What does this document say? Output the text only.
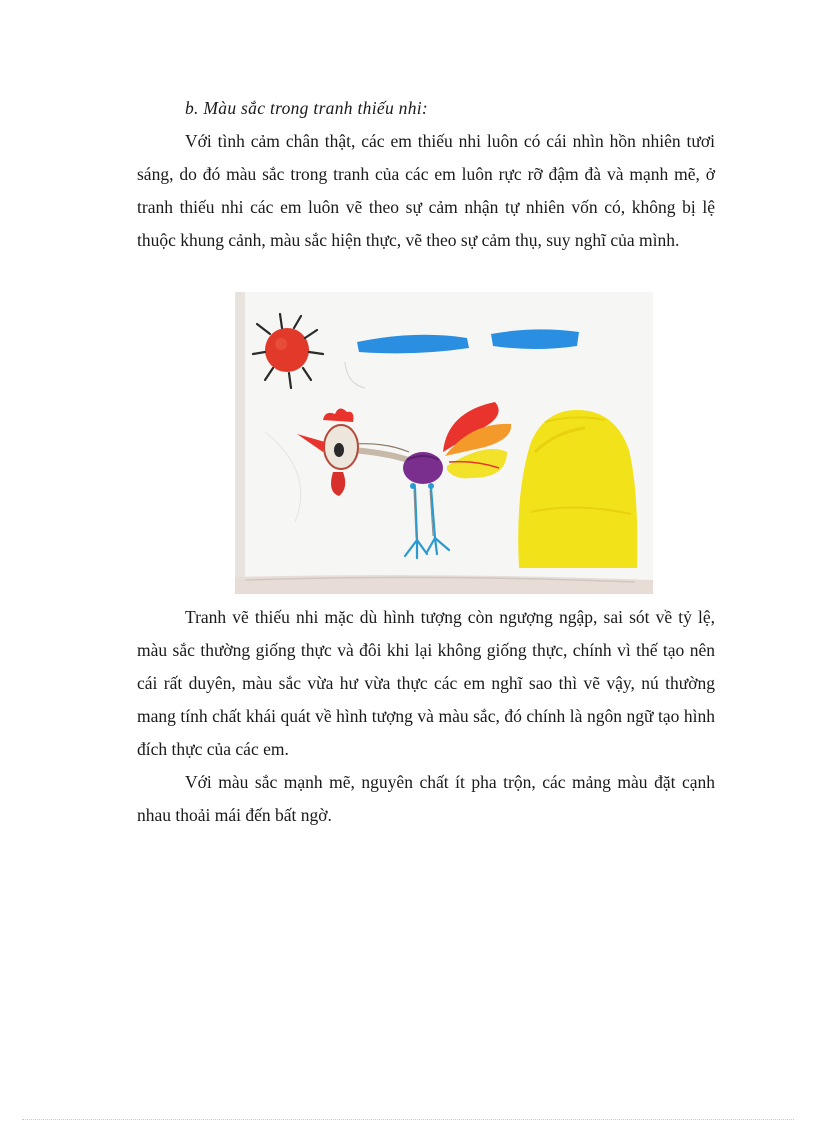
b. Màu sắc trong tranh thiếu nhi:

Với tình cảm chân thật, các em thiếu nhi luôn có cái nhìn hồn nhiên tươi sáng, do đó màu sắc trong tranh của các em luôn rực rỡ đậm đà và mạnh mẽ, ở tranh thiếu nhi các em luôn vẽ theo sự cảm nhận tự nhiên vốn có, không bị lệ thuộc khung cảnh, màu sắc hiện thực, vẽ theo sự cảm thụ, suy nghĩ của mình.

Tranh vẽ thiếu nhi mặc dù hình tượng còn ngượng ngập, sai sót về tỷ lệ, màu sắc thường giống thực và đôi khi lại không giống thực, chính vì thế tạo nên cái rất duyên, màu sắc vừa hư vừa thực các em nghĩ sao thì vẽ vậy, nú thường mang tính chất khái quát về hình tượng và màu sắc, đó chính là ngôn ngữ tạo hình đích thực của các em.

Với màu sắc mạnh mẽ, nguyên chất ít pha trộn, các mảng màu đặt cạnh nhau thoải mái đến bất ngờ.
